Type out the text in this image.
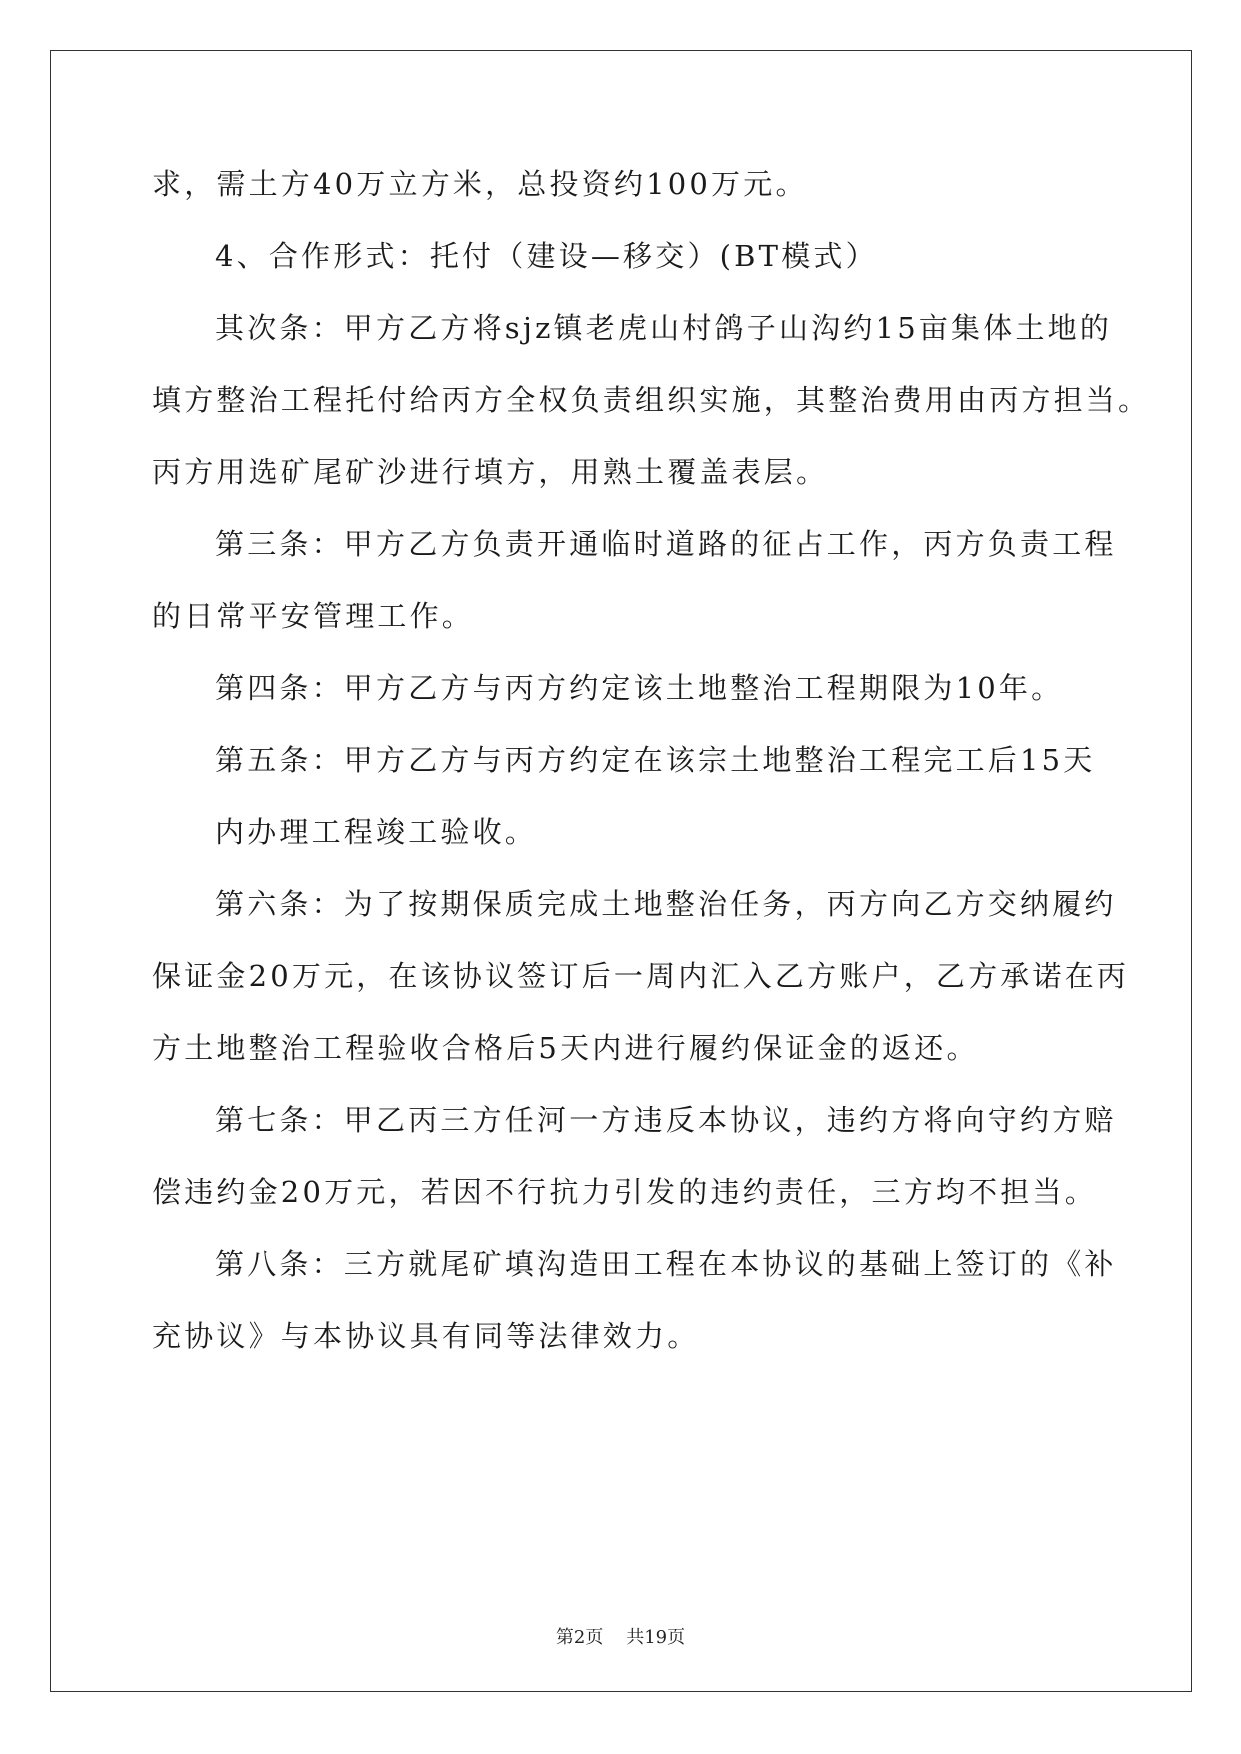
求，需土方40万立方米，总投资约100万元。
4、合作形式：托付（建设—移交）(BT模式）
其次条：甲方乙方将sjz镇老虎山村鸽子山沟约15亩集体土地的
填方整治工程托付给丙方全权负责组织实施，其整治费用由丙方担当。
丙方用选矿尾矿沙进行填方，用熟土覆盖表层。
第三条：甲方乙方负责开通临时道路的征占工作，丙方负责工程
的日常平安管理工作。
第四条：甲方乙方与丙方约定该土地整治工程期限为10年。
第五条：甲方乙方与丙方约定在该宗土地整治工程完工后15天
内办理工程竣工验收。
第六条：为了按期保质完成土地整治任务，丙方向乙方交纳履约
保证金20万元，在该协议签订后一周内汇入乙方账户，乙方承诺在丙
方土地整治工程验收合格后5天内进行履约保证金的返还。
第七条：甲乙丙三方任河一方违反本协议，违约方将向守约方赔
偿违约金20万元，若因不行抗力引发的违约责任，三方均不担当。
第八条：三方就尾矿填沟造田工程在本协议的基础上签订的《补
充协议》与本协议具有同等法律效力。
第2页 共19页
